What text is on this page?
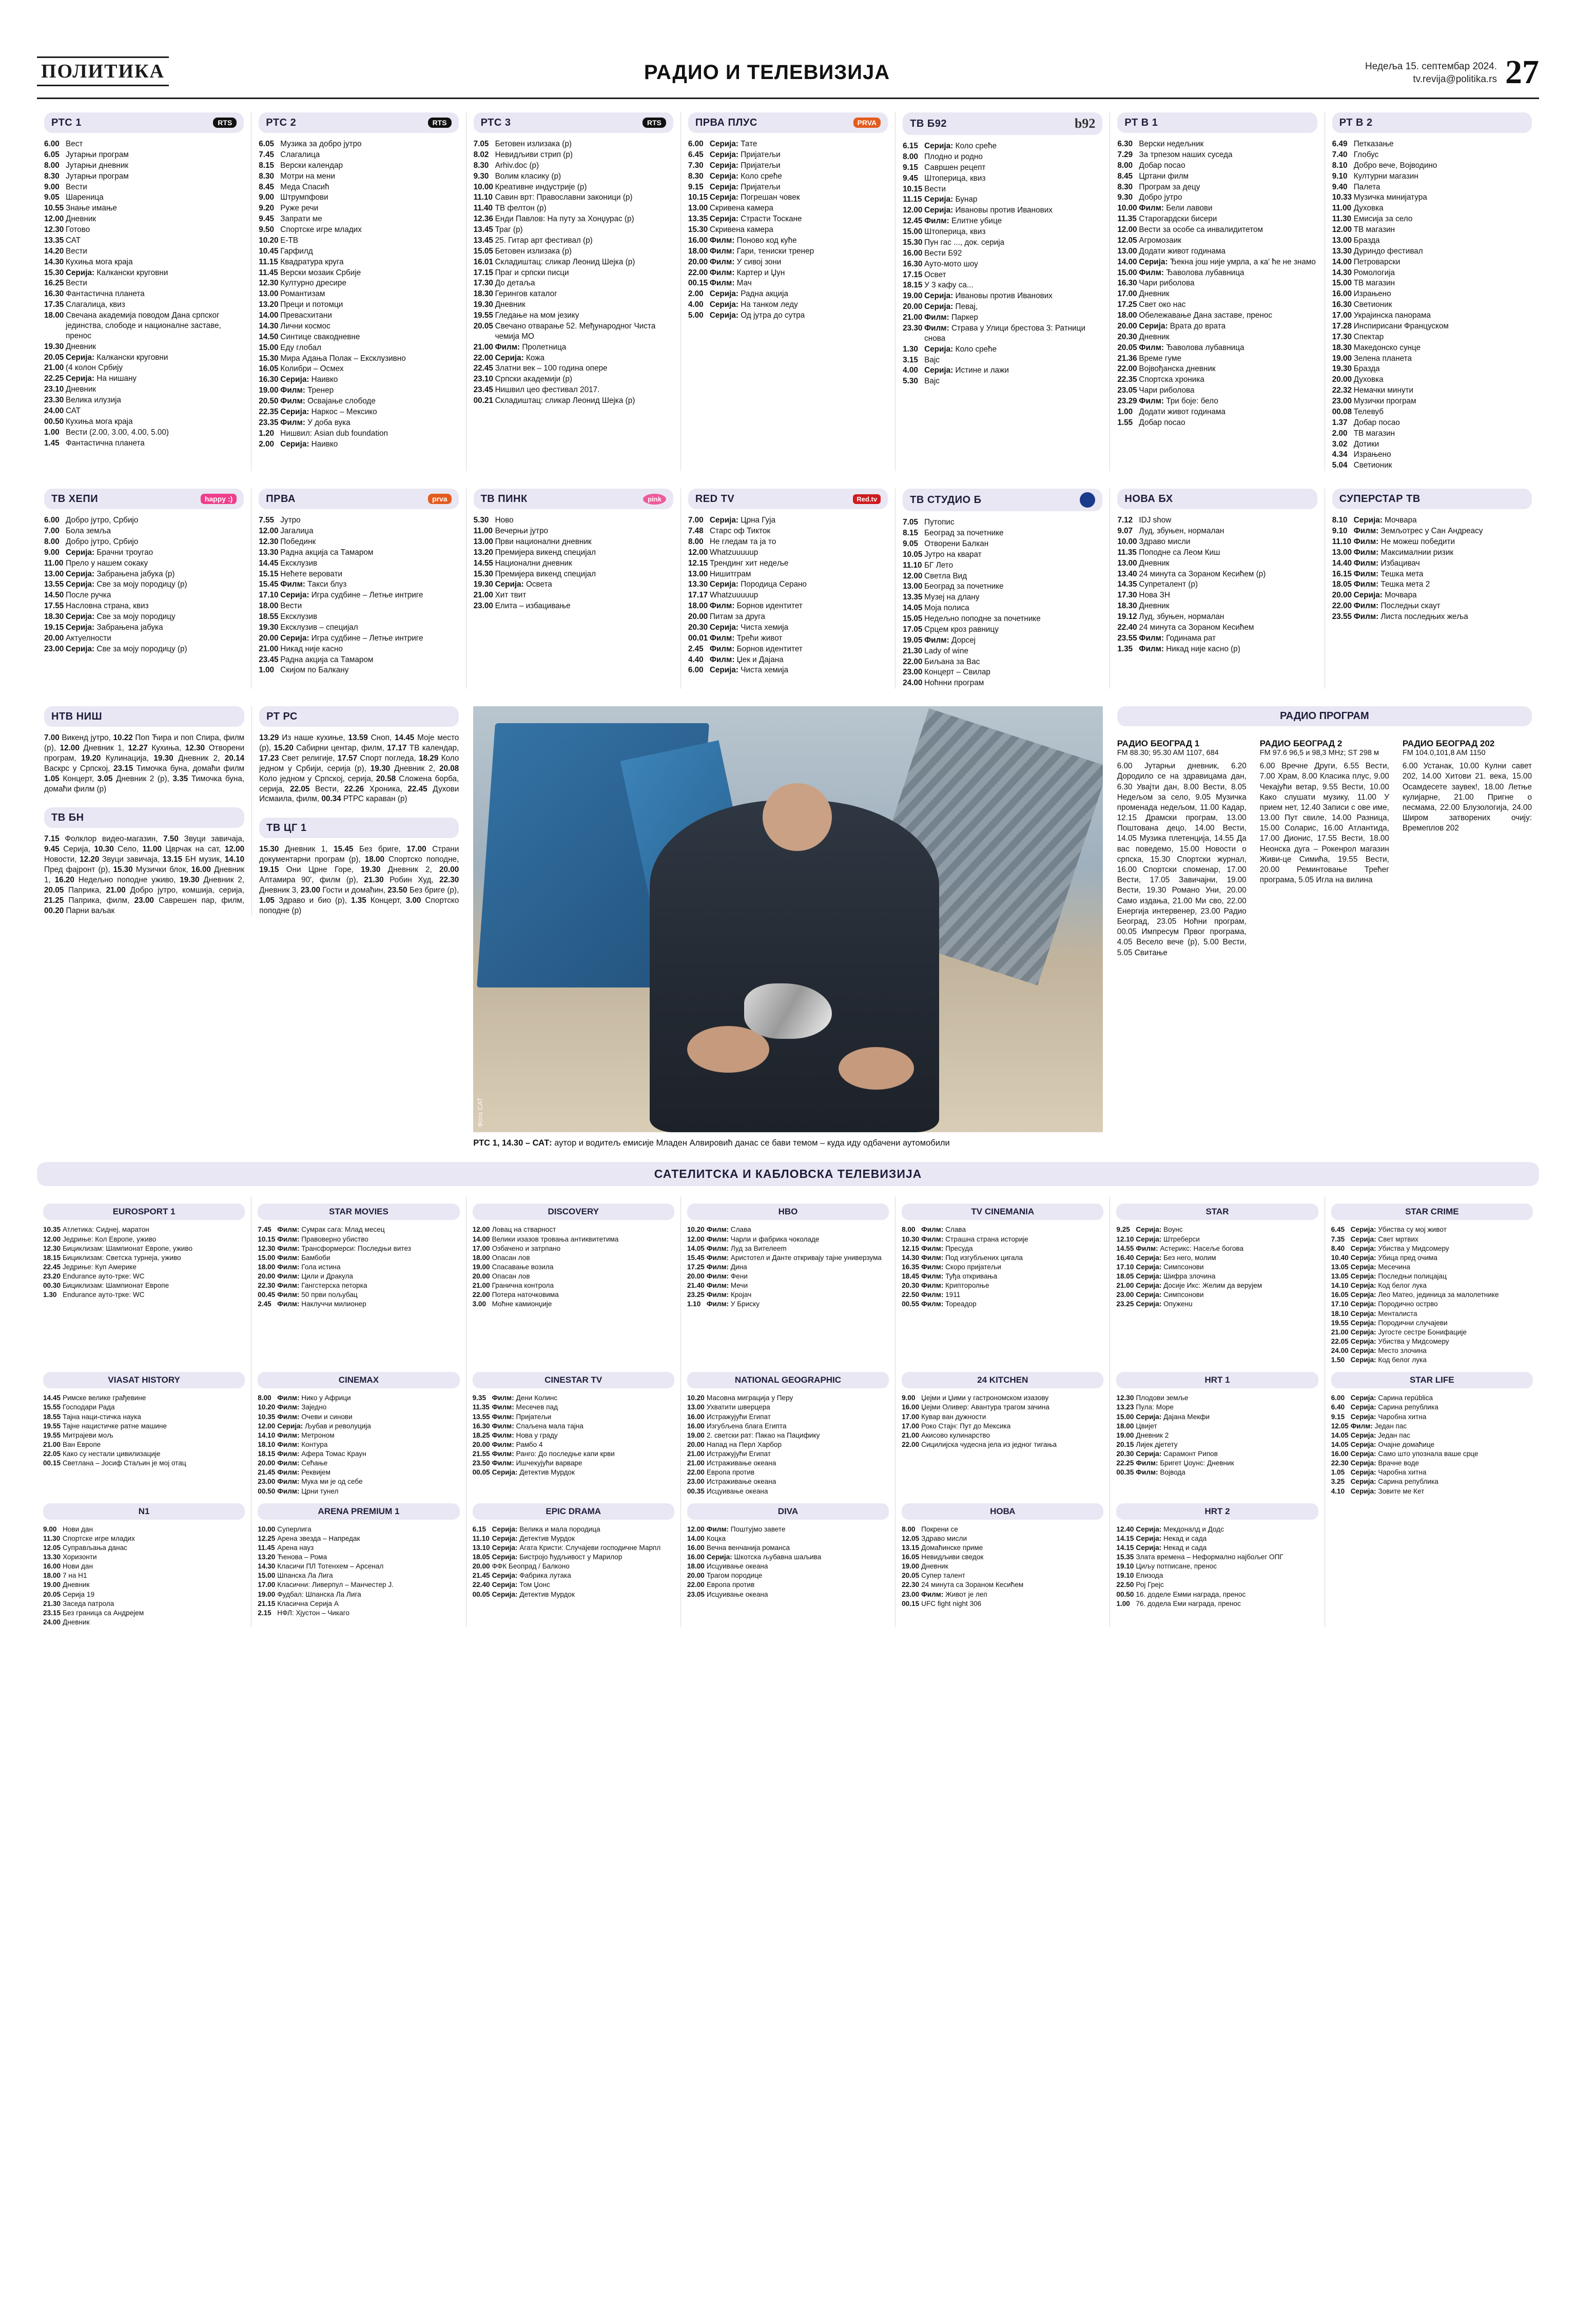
ПОЛИТИКА	РАДИО И ТЕЛЕВИЗИЈА	Недеља 15. септембар 2024.
tv.revija@politika.rs 27
РТС 1	RTS
6.00 Вест
6.05 Јутарњи програм
8.00 Јутарњи дневник
8.30 Јутарњи програм
9.00 Вести
9.05 Шареница
10.55 Знање имање
12.00 Дневник
12.30 Готово
13.35 САТ
14.20 Вести
14.30 Кухиња мога краја
15.30 Серија: Калкански круговни
16.25 Вести
16.30 Фантастична планета
17.35 Слагалица, квиз
18.00 Свечана академија поводом Дана српског јединства, слободе и националне заставе, пренос
19.30 Дневник
20.05 Серија: Калкански круговни
21.00 (4 колон Србију
22.25 Серија: На нишану
23.10 Дневник
23.30 Велика илузија
24.00 САТ
00.50 Кухиња мога краја
1.00 Вести (2.00, 3.00, 4.00, 5.00)
1.45 Фантастична планета
РТС 2	RTS
6.05 Музика за добро јутро
7.45 Слагалица
8.15 Верски календар
8.30 Мотри на мени
8.45 Меда Спасић
9.00 Штрумпфови
9.20 Руже речи
9.45 Запрати ме
9.50 Спортске игре младих
10.20 Е-ТВ
10.45 Гарфилд
11.15 Квадратура круга
11.45 Верски мозаик Србије
12.30 Културно дресире
13.00 Романтизам
13.20 Преци и потомци
14.00 Превасхитани
14.30 Лични космос
14.50 Синтице свакодневне
15.00 Еду глобал
15.30 Мира Адања Полак – Ексклузивно
16.05 Колибри – Осмех
16.30 Серија: Наивко
19.00 Филм: Тренер
20.50 Филм: Освајање слободе
22.35 Серија: Наркос – Мексико
23.35 Филм: У доба вука
1.20 Нишвил: Asian dub foundation
2.00 Серија: Наивко
РТС 3	RTS
7.05 Бетовен излизака (р)
8.02 Невидљиви стрип (р)
8.30 Arhiv.doc (р)
9.30 Волим класику (р)
10.00 Креативне индустрије (р)
11.10 Савин врт: Православни законици (р)
11.40 ТВ фелтон (р)
12.36 Енди Павлов: На путу за Хонџурас (р)
13.45 Траг (р)
13.45 25. Гитар арт фестивал (р)
15.05 Бетовен излизака (р)
16.01 Складиштац: сликар Леонид Шејка (р)
17.15 Праг и српски писци
17.30 До детаља
18.30 Герингов каталог
19.30 Дневник
19.55 Гледање на мом језику
20.05 Свечано отварање 52. Међународног Чиста чемија МО
21.00 Филм: Пролетница
22.00 Серија: Кожа
22.45 Златни век – 100 година опере
23.10 Српски академији (р)
23.45 Нишвил цео фестивал 2017.
00.21 Складиштац: сликар Леонид Шејка (р)
ПРВА ПЛУС	PRVA
6.00 Серија: Тате
6.45 Серија: Пријатељи
7.30 Серија: Пријатељи
8.30 Серија: Коло среће
9.15 Серија: Пријатељи
10.15 Серија: Погрешан човек
13.00 Скривена камера
13.35 Серија: Страсти Тоскане
15.30 Скривена камера
16.00 Филм: Поново код куће
18.00 Филм: Гари, тениски тренер
20.00 Филм: У сивој зони
22.00 Филм: Картер и Џун
00.15 Филм: Мач
2.00 Серија: Радна акција
4.00 Серија: На танком леду
5.00 Серија: Од јутра до сутра
ТВ Б92	b92
6.15 Серија: Коло среће
8.00 Плодно и родно
9.15 Савршен рецепт
9.45 Штоперица, квиз
10.15 Вести
11.15 Серија: Бунар
12.00 Серија: Ивановы против Иванових
12.45 Филм: Елитне убице
15.00 Штоперица, квиз
15.30 Пун гас ..., док. серија
16.00 Вести Б92
16.30 Ауто-мото шоу
17.15 Освет
18.15 У 3 кафу са...
19.00 Серија: Ивановы против Иванових
20.00 Серија: Певај,
21.00 Филм: Паркер
23.30 Филм: Страва у Улици брестова 3: Ратници снова
1.30 Серија: Коло среће
3.15 Вајс
4.00 Серија: Истине и лажи
5.30 Вајс
РТ В 1
6.30 Верски недељник
7.29 За трпезом наших суседа
8.00 Добар посао
8.45 Цртани филм
8.30 Програм за децу
9.30 Добро јутро
10.00 Филм: Бели лавови
11.35 Старогардски бисери
12.00 Вести за особе са инвалидитетом
12.05 Агромозаик
13.00 Додати живот годинама
14.00 Серија: Ђекна још није умрла, а ка' ће не знамо
15.00 Филм: Ђаволова лубавница
16.30 Чари риболова
17.00 Дневник
17.25 Свет око нас
18.00 Обележавање Дана заставе, пренос
20.00 Серија: Врата до врата
20.30 Дневник
20.05 Филм: Ђаволова лубавница
21.36 Време гумe
22.00 Војвођанска дневник
22.35 Спортска хроника
23.05 Чари риболова
23.29 Филм: Три боје: бело
1.00 Додати живот годинама
1.55 Добар посао
РТ В 2
6.49 Петказање
7.40 Глобус
8.10 Добро вече, Војводино
9.10 Културни магазин
9.40 Палета
10.33 Музичка минијатура
11.00 Духовка
11.30 Емисија за село
12.00 ТВ магазин
13.00 Бразда
13.30 Дуриндо фестивал
14.00 Петроварски
14.30 Ромологија
15.00 ТВ магазин
16.00 Израњено
16.30 Светионик
17.00 Украјинска панорама
17.28 Инспирисани Француском
17.30 Спектар
18.30 Македонско сунце
19.00 Зелена планета
19.30 Бразда
20.00 Духовка
22.32 Немачки минути
23.00 Музички програм
00.08 Телевуб
1.37 Добар посао
2.00 ТВ магазин
3.02 Дотики
4.34 Израњено
5.04 Светионик
ТВ ХЕПИ	happy :)
6.00 Добро јутро, Србијо
7.00 Бола земља
8.00 Добро јутро, Србијо
9.00 Серија: Брачни троугао
11.00 Прело у нашем сокаку
13.00 Серија: Забрањена јабука (р)
13.55 Серија: Све за моју породицу (р)
14.50 После ручка
17.55 Насловна страна, квиз
18.30 Серија: Све за моју породицу
19.15 Серија: Забрањена јабука
20.00 Актуелности
23.00 Серија: Све за моју породицу (р)
ПРВА	prva
7.55 Јутро
12.00 Јагалиџа
12.30 Побединк
13.30 Радна акција са Тамаром
14.45 Ексклузив
15.15 Нећете веровати
15.45 Филм: Такси блуз
17.10 Серија: Игра судбине – Летње интриге
18.00 Вести
18.55 Ексклузив
19.30 Ексклузив – специјал
20.00 Серија: Игра судбине – Летње интриге
21.00 Никад није касно
23.45 Радна акција са Тамаром
1.00 Скијом по Балкану
ТВ ПИНК	pink
5.30 Ново
11.00 Вечерњи јутро
13.00 Први национални дневник
13.20 Премијера викенд специјал
14.55 Национални дневник
15.30 Премијера викенд специјал
19.30 Серија: Освета
21.00 Хит твит
23.00 Елита – избацивање
RED TV	Red.tv
7.00 Серија: Црна Гуја
7.48 Старс оф Тикток
8.00 Не гледам та ја то
12.00 Whatzuuuuup
12.15 Трендинг хит недеље
13.00 Нишитграм
13.30 Серија: Породица Серано
17.17 Whatzuuuuup
18.00 Филм: Борнов идентитет
20.00 Питам за друга
20.30 Серија: Чиста хемија
00.01 Филм: Трећи живот
2.45 Филм: Борнов идентитет
4.40 Филм: Џек и Дајана
6.00 Серија: Чиста хемија
ТВ СТУДИО Б
7.05 Путопис
8.15 Београд за почетнике
9.05 Отворени Балкан
10.05 Јутро на кварат
11.10 БГ Лето
12.00 Светла Вид
13.00 Београд за почетнике
13.35 Музеј на длану
14.05 Моја полиса
15.05 Недељно поподне за почетнике
17.05 Срцем кроз равницу
19.05 Филм: Дорсеј
21.30 Lady of wine
22.00 Биљана за Вас
23.00 Концерт – Свилар
24.00 Ноћнни програм
НОВА БХ
7.12 IDJ show
9.07 Луд, збуњен, нормалан
10.00 Здраво мисли
11.35 Поподне са Леом Киш
13.00 Дневник
13.40 24 минута са Зораном Кесићем (р)
14.35 Супреталент (р)
17.30 Нова ЗН
18.30 Дневник
19.12 Луд, збуњен, нормалан
22.40 24 минута са Зораном Кесићем
23.55 Филм: Годинама рат
1.35 Филм: Никад није касно (р)
СУПЕРСТАР ТВ
8.10 Серија: Мочвара
9.10 Филм: Земљотрес у Сан Андреасу
11.10 Филм: Не можеш победити
13.00 Филм: Максималнии ризик
14.40 Филм: Избацивач
16.15 Филм: Тешка мета
18.05 Филм: Тешка мета 2
20.00 Серија: Мочвара
22.00 Филм: Последњи скаут
23.55 Филм: Листа последњих жеља
НТВ НИШ
7.00 Викенд јутро, 10.22 Поп Ћира и поп Спира, филм (р), 12.00 Дневник 1, 12.27 Кухиња, 12.30 Отворени програм, 19.20 Кулинација, 19.30 Дневник 2, 20.14 Васкрс у Српској, 23.15 Тимочка буна, домаћи филм 1.05 Концерт, 3.05 Дневник 2 (р), 3.35 Тимочка буна, домаћи филм (р)
ТВ БН
7.15 Фолклор видео-магазин, 7.50 Звуци завичаја, 9.45 Серија, 10.30 Село, 11.00 Цврчак на сат, 12.00 Новости, 12.20 Звуци завичаја, 13.15 БН музик, 14.10 Пред фајронт (р), 15.30 Музички блок, 16.00 Дневник 1, 16.20 Недељно поподне уживо, 19.30 Дневник 2, 20.05 Паприка, 21.00 Добро јутро, комшија, серија, 21.25 Паприка, филм, 23.00 Саврешен пар, филм, 00.20 Парни ваљак
РТ РС
13.29 Из наше кухиње, 13.59 Сноп, 14.45 Моје место (р), 15.20 Сабирни центар, филм, 17.17 ТВ календар, 17.23 Свет религије, 17.57 Спорт погледа, 18.29 Коло једном у Србији, серија (р), 19.30 Дневник 2, 20.08 Коло једном у Српској, серија, 20.58 Сложена борба, серија, 22.05 Вести, 22.26 Хроника, 22.45 Духови Исмаила, филм, 00.34 РТРС караван (р)
ТВ ЦГ 1
15.30 Дневник 1, 15.45 Без бриге, 17.00 Страни документарни програм (р), 18.00 Спортско поподне, 19.15 Они Црне Горе, 19.30 Дневник 2, 20.00 Алтамира 90', филм (р), 21.30 Робин Худ, 22.30 Дневник 3, 23.00 Гости и домаћин, 23.50 Без бриге (р), 1.05 Здраво и био (р), 1.35 Концерт, 3.00 Спортско поподне (р)
Фото САТ
РТС 1, 14.30 – САТ: аутор и водитељ емисије Младен Алвировић данас се бави темом – куда иду одбачени аутомобили
РАДИО ПРОГРАМ
РАДИО БЕОГРАД 1
FM 88.30; 95.30 AM 1107, 684
6.00 Јутарњи дневник, 6.20 Дородило се на здравицама дан, 6.30 Увајти дан, 8.00 Вести, 8.05 Недељом за село, 9.05 Музичка променада недељом, 11.00 Кадар, 12.15 Драмски програм, 13.00 Поштована децо, 14.00 Вести, 14.05 Музика плетенција, 14.55 Да ваc поведемо, 15.00 Новости о српска, 15.30 Спортски журнал, 16.00 Спортски споменар, 17.00 Вести, 17.05 Завичајни, 19.00 Вести, 19.30 Романо Уни, 20.00 Само издања, 21.00 Ми сво, 22.00 Енергија интервенер, 23.00 Радио Београд, 23.05 Ноћни програм, 00.05 Импресум Првог програма, 4.05 Весело вече (р), 5.00 Вести, 5.05 Свитање
РАДИО БЕОГРАД 2
FM 97.6 96,5 и 98,3 MHz; ST 298 м
6.00 Вречне Други, 6.55 Вести, 7.00 Храм, 8.00 Класика плус, 9.00 Чекајући ветар, 9.55 Вести, 10.00 Како слушати музику, 11.00 У прием нет, 12.40 Записи с ове име, 13.00 Пут свиле, 14.00 Разница, 15.00 Соларис, 16.00 Атлантида, 17.00 Дионис, 17.55 Вести, 18.00 Неонска дуга – Рокенрол магазин Живи-це Симића, 19.55 Вести, 20.00 Реминтовање Трећег програма, 5.05 Игла на вилина
РАДИО БЕОГРАД 202
FM 104.0,101,8 AM 1150
6.00 Устанак, 10.00 Кулни савет 202, 14.00 Хитови 21. века, 15.00 Осамдесете заувек!, 18.00 Летње кулијарне, 21.00 Пригне о песмама, 22.00 Блузологија, 24.00 Широм затворених очију: Времеплов 202
САТЕЛИТСКА И КАБЛОВСКА ТЕЛЕВИЗИЈА
EUROSPORT 1
10.35 Атлетика: Сиднеј, маратон
12.00 Једриње: Кол Европе, уживо
12.30 Бициклизам: Шампионат Европе, уживо
18.15 Бициклизам: Светска турнеја, уживо
22.45 Једриње: Куп Америке
23.20 Еndurance ауто-трке: WC
00.30 Бициклизам: Шампионат Европе
1.30 Endurance ауто-трке: WC
STAR MOVIES
7.45 Филм: Сумрак сага: Млад месец
10.15 Филм: Правоверно убиство
12.30 Филм: Трансформерси: Последњи витез
15.00 Филм: Бамбоби
18.00 Филм: Гола истина
20.00 Филм: Цили и Дракула
22.30 Филм: Гангстерска петорка
00.45 Филм: 50 први пољубац
2.45 Филм: Наклуччи милионер
DISCOVERY
12.00 Ловац на стварност
14.00 Велики изазов тровања антиквитетима
17.00 Озбачено и затрпано
18.00 Опасан лов
19.00 Спасавање возила
20.00 Опасан лов
21.00 Гранична контрола
22.00 Потера наточковима
3.00 Моћне камионџије
HBO
10.20 Филм: Слава
12.00 Филм: Чарли и фабрика чоколаде
14.05 Филм: Луд за Вителеem
15.45 Филм: Аристотел и Данте откривају тајне универзума
17.25 Филм: Дина
20.00 Филм: Фени
21.40 Филм: Мечи
23.25 Филм: Кројач
1.10 Филм: У Бриску
TV CINEMANIA
8.00 Филм: Слава
10.30 Филм: Страшна страна историје
12.15 Филм: Пресуда
14.30 Филм: Под изгубљених цигала
16.35 Филм: Скоро пријатељи
18.45 Филм: Туђа откривања
20.30 Филм: Крипторолње
22.50 Филм: 1911
00.55 Филм: Тореадор
STAR
9.25 Серија: Воунс
12.10 Серија: Штреберси
14.55 Филм: Астерикс: Насеље богова
16.40 Серија: Без него, молим
17.10 Серија: Симпсонови
18.05 Серија: Шифра злочина
21.00 Серија: Досије Икс: Желим да верујем
23.00 Серија: Симпсонови
23.25 Серија: Опуженu
STAR CRIME
6.45 Серија: Убиства су мој живот
7.35 Серија: Свет мртвих
8.40 Серија: Убиства у Мидсомеру
10.40 Серија: Убица пред очима
13.05 Серија: Месечина
13.05 Серија: Последњи полицајац
14.10 Серија: Код белог лука
16.05 Серија: Лео Матео, јединица за малолетнике
17.10 Серија: Породично острво
18.10 Серија: Менталиста
19.55 Серија: Породични случајеви
21.00 Серија: Југосте сестре Бонифације
22.05 Серија: Убиства у Мидсомеру
24.00 Серија: Место злочина
1.50 Серија: Код белог лука
VIASAT HISTORY
14.45 Римске велике грађевине
15.55 Господари Рада
18.55 Тајна наци-стичка наука
19.55 Тајне нацистичке ратне машине
19.55 Митрајеви мољ
21.00 Ван Европе
22.05 Како су нестали цивилизације
00.15 Светлана – Јосиф Стаљин је мој отац
CINEMAX
8.00 Филм: Нико у Африци
10.20 Филм: Заједно
10.35 Филм: Очеви и синови
12.00 Серија: Љубав и револуција
14.10 Филм: Метроном
18.10 Филм: Контура
18.15 Филм: Афера Томас Краун
20.00 Филм: Сећање
21.45 Филм: Реквијем
23.00 Филм: Мука ми је од себе
00.50 Филм: Црни тунел
CINESTAR TV
9.35 Филм: Дени Колинс
11.35 Филм: Месечев пад
13.55 Филм: Пријатељи
16.30 Филм: Спаљена мала тајна
18.25 Филм: Нова у граду
20.00 Филм: Рамбо 4
21.55 Филм: Ранго: До последње капи крви
23.50 Филм: Ишчекујући варваре
00.05 Серија: Детектив Мурдок
NATIONAL GEOGRAPHIC
10.20 Масовна миграција у Перу
13.00 Ухватити шверцера
16.00 Истражујући Египат
16.00 Изгубљена блага Египта
19.00 2. светски рат: Пакао на Пацифику
20.00 Напад на Перл Харбор
21.00 Истражујући Египат
21.00 Истраживање океана
22.00 Европа против
23.00 Истраживање океана
00.35 Исцуивање океана
24 KITCHEN
9.00 Џејми и Џими у гастрономском изазову
16.00 Џејми Оливер: Авантура трагом зачина
17.00 Кувар ван дужности
17.00 Роко Стајн: Пут до Мексика
21.00 Акисово кулинарство
22.00 Сицилијска чудесна јела из једног тигања
HRT 1
12.30 Плодови земље
13.23 Пула: Море
15.00 Серија: Дајана Мекфи
18.00 Цвијет
19.00 Дневник 2
20.15 Лијек дјетету
20.30 Серија: Сарамонт Рипов
22.25 Филм: Бригет Џоунс: Дневник
00.35 Филм: Војвода
STAR LIFE
6.00 Серија: Сарина república
6.40 Серија: Сарина република
9.15 Серија: Чаробна хитна
12.05 Филм: Један пас
14.05 Серија: Један пас
14.05 Серија: Очајне домаћице
16.00 Серија: Само што упознала ваше срце
22.30 Серија: Врачне воде
1.05 Серија: Чаробна хитна
3.25 Серија: Сарина република
4.10 Серија: Зовите ме Кет
N1
9.00 Нови дан
11.30 Спортске игре младих
12.05 Суправљања данас
13.30 Хоризонти
16.00 Нови дан
18.00 7 на Н1
19.00 Дневник
20.05 Серија 19
21.30 Заседа патрола
23.15 Без граница са Андрејем
24.00 Дневник
ARENA PREMIUM 1
10.00 Суперлига
12.25 Арена звезда – Напредак
11.45 Арена науз
13.20 Ћенова – Рома
14.30 Класичи ПЛ Тотенхем – Арсенал
15.00 Шпанска Ла Лига
17.00 Класични: Ливерпул – Манчестер Ј.
19.00 Фудбал: Шпанска Ла Лига
21.15 Класична Серија А
2.15 НФЛ: Хјустон – Чикаго
EPIC DRAMA
6.15 Серија: Велика и мала породица
11.10 Серија: Детектив Мурдок
13.10 Серија: Агата Кристи: Случајеви господичне Марпл
18.05 Серија: Бистројо ћудљивост у Марилор
20.00 ФФК Беопрад / Балконо
21.45 Серија: Фабрика лутака
22.40 Серија: Том Џонс
00.05 Серија: Детектив Мурдок
DIVA
12.00 Филм: Поштујмо завете
14.00 Коцка
16.00 Вечна венчанија романса
16.00 Серија: Шкотска љубавна шаљива
18.00 Исцуивање океана
20.00 Трагом породице
22.00 Европа против
23.05 Исцуивање океана
НОВА
8.00 Покрени се
12.05 Здраво мисли
13.15 Домаћинске приме
16.05 Невидљиви сведок
19.00 Дневник
20.05 Супер талент
22.30 24 минута са Зораном Кесићем
23.00 Филм: Живот је леп
00.15 UFC fight night 306
HRT 2
12.40 Серија: Мекдоналд и Додс
14.15 Серија: Некад и сада
14.15 Серија: Некад и сада
15.35 Злата времена – Неформално најбољег ОПГ
19.10 Циљу потписане, пренос
19.10 Епизода
22.50 Рој Грејс
00.50 16. доделе Емми награда, пренос
1.00 76. додела Еми награда, пренос
